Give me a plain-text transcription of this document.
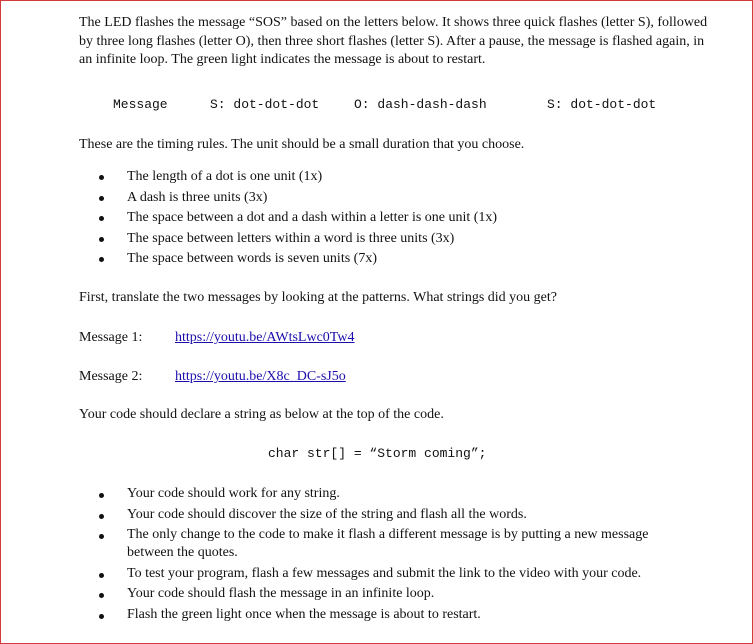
The LED flashes the message “SOS” based on the letters below. It shows three quick flashes (letter S), followed by three long flashes (letter O), then three short flashes (letter S). After a pause, the message is flashed again, in an infinite loop. The green light indicates the message is about to restart.
Message	S: dot-dot-dot	O: dash-dash-dash	S: dot-dot-dot
These are the timing rules. The unit should be a small duration that you choose.
The length of a dot is one unit (1x)
A dash is three units (3x)
The space between a dot and a dash within a letter is one unit (1x)
The space between letters within a word is three units (3x)
The space between words is seven units (7x)
First, translate the two messages by looking at the patterns. What strings did you get?
Message 1: https://youtu.be/AWtsLwc0Tw4
Message 2: https://youtu.be/X8c_DC-sJ5o
Your code should declare a string as below at the top of the code.
char str[] = “Storm coming”;
Your code should work for any string.
Your code should discover the size of the string and flash all the words.
The only change to the code to make it flash a different message is by putting a new message between the quotes.
To test your program, flash a few messages and submit the link to the video with your code.
Your code should flash the message in an infinite loop.
Flash the green light once when the message is about to restart.
